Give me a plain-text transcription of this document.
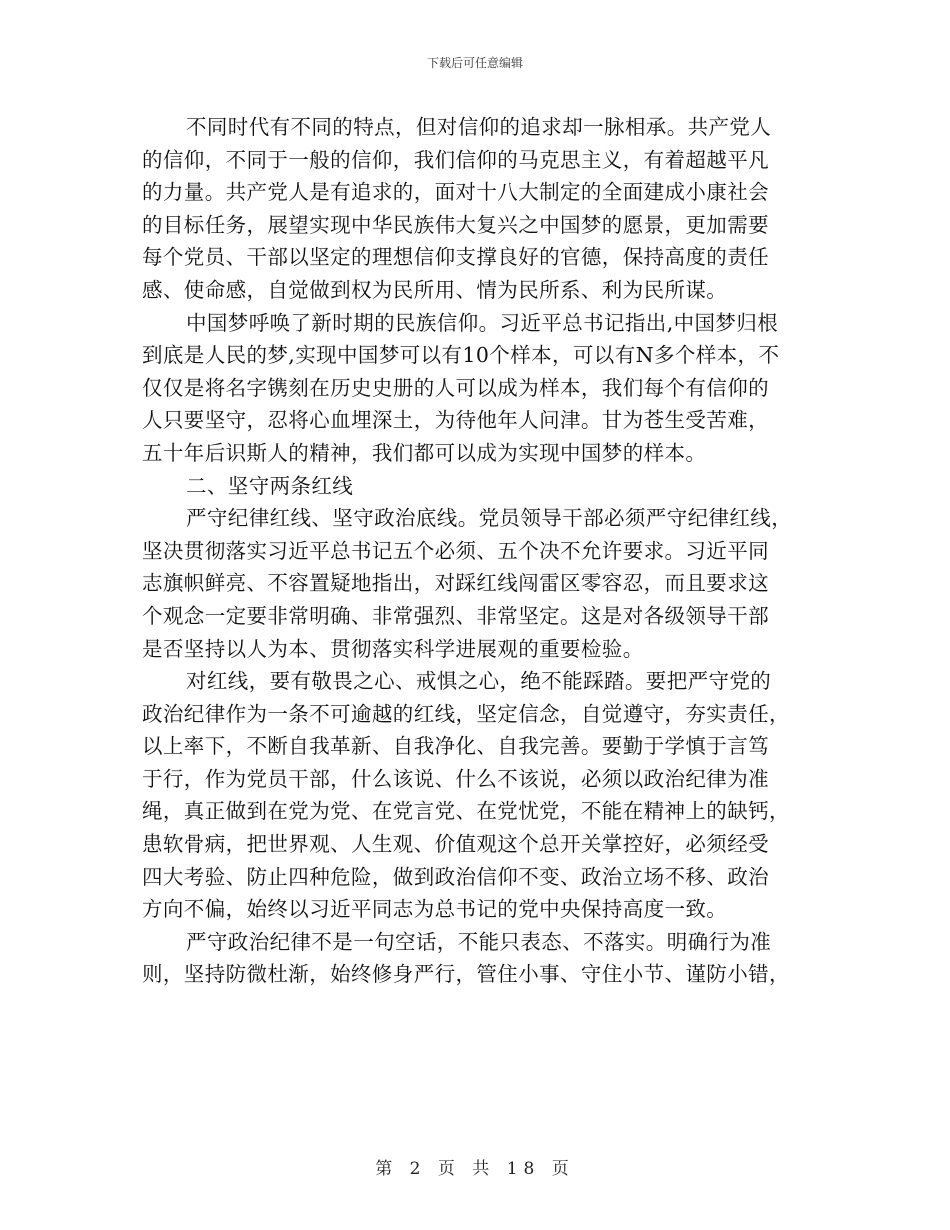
下载后可任意编辑
不同时代有不同的特点，但对信仰的追求却一脉相承。共产党人
的信仰，不同于一般的信仰，我们信仰的马克思主义，有着超越平凡
的力量。共产党人是有追求的，面对十八大制定的全面建成小康社会
的目标任务，展望实现中华民族伟大复兴之中国梦的愿景，更加需要
每个党员、干部以坚定的理想信仰支撑良好的官德，保持高度的责任
感、使命感，自觉做到权为民所用、情为民所系、利为民所谋。
中国梦呼唤了新时期的民族信仰。习近平总书记指出,中国梦归根
到底是人民的梦,实现中国梦可以有10个样本，可以有N多个样本，不
仅仅是将名字镌刻在历史史册的人可以成为样本，我们每个有信仰的
人只要坚守，忍将心血埋深土，为待他年人问津。甘为苍生受苦难，
五十年后识斯人的精神，我们都可以成为实现中国梦的样本。
二、坚守两条红线
严守纪律红线、坚守政治底线。党员领导干部必须严守纪律红线，
坚决贯彻落实习近平总书记五个必须、五个决不允许要求。习近平同
志旗帜鲜亮、不容置疑地指出，对踩红线闯雷区零容忍，而且要求这
个观念一定要非常明确、非常强烈、非常坚定。这是对各级领导干部
是否坚持以人为本、贯彻落实科学进展观的重要检验。
对红线，要有敬畏之心、戒惧之心，绝不能踩踏。要把严守党的
政治纪律作为一条不可逾越的红线，坚定信念，自觉遵守，夯实责任，
以上率下，不断自我革新、自我净化、自我完善。要勤于学慎于言笃
于行，作为党员干部，什么该说、什么不该说，必须以政治纪律为准
绳，真正做到在党为党、在党言党、在党忧党，不能在精神上的缺钙，
患软骨病，把世界观、人生观、价值观这个总开关掌控好，必须经受
四大考验、防止四种危险，做到政治信仰不变、政治立场不移、政治
方向不偏，始终以习近平同志为总书记的党中央保持高度一致。
严守政治纪律不是一句空话，不能只表态、不落实。明确行为准
则，坚持防微杜渐，始终修身严行，管住小事、守住小节、谨防小错，
第 2 页 共 18 页
